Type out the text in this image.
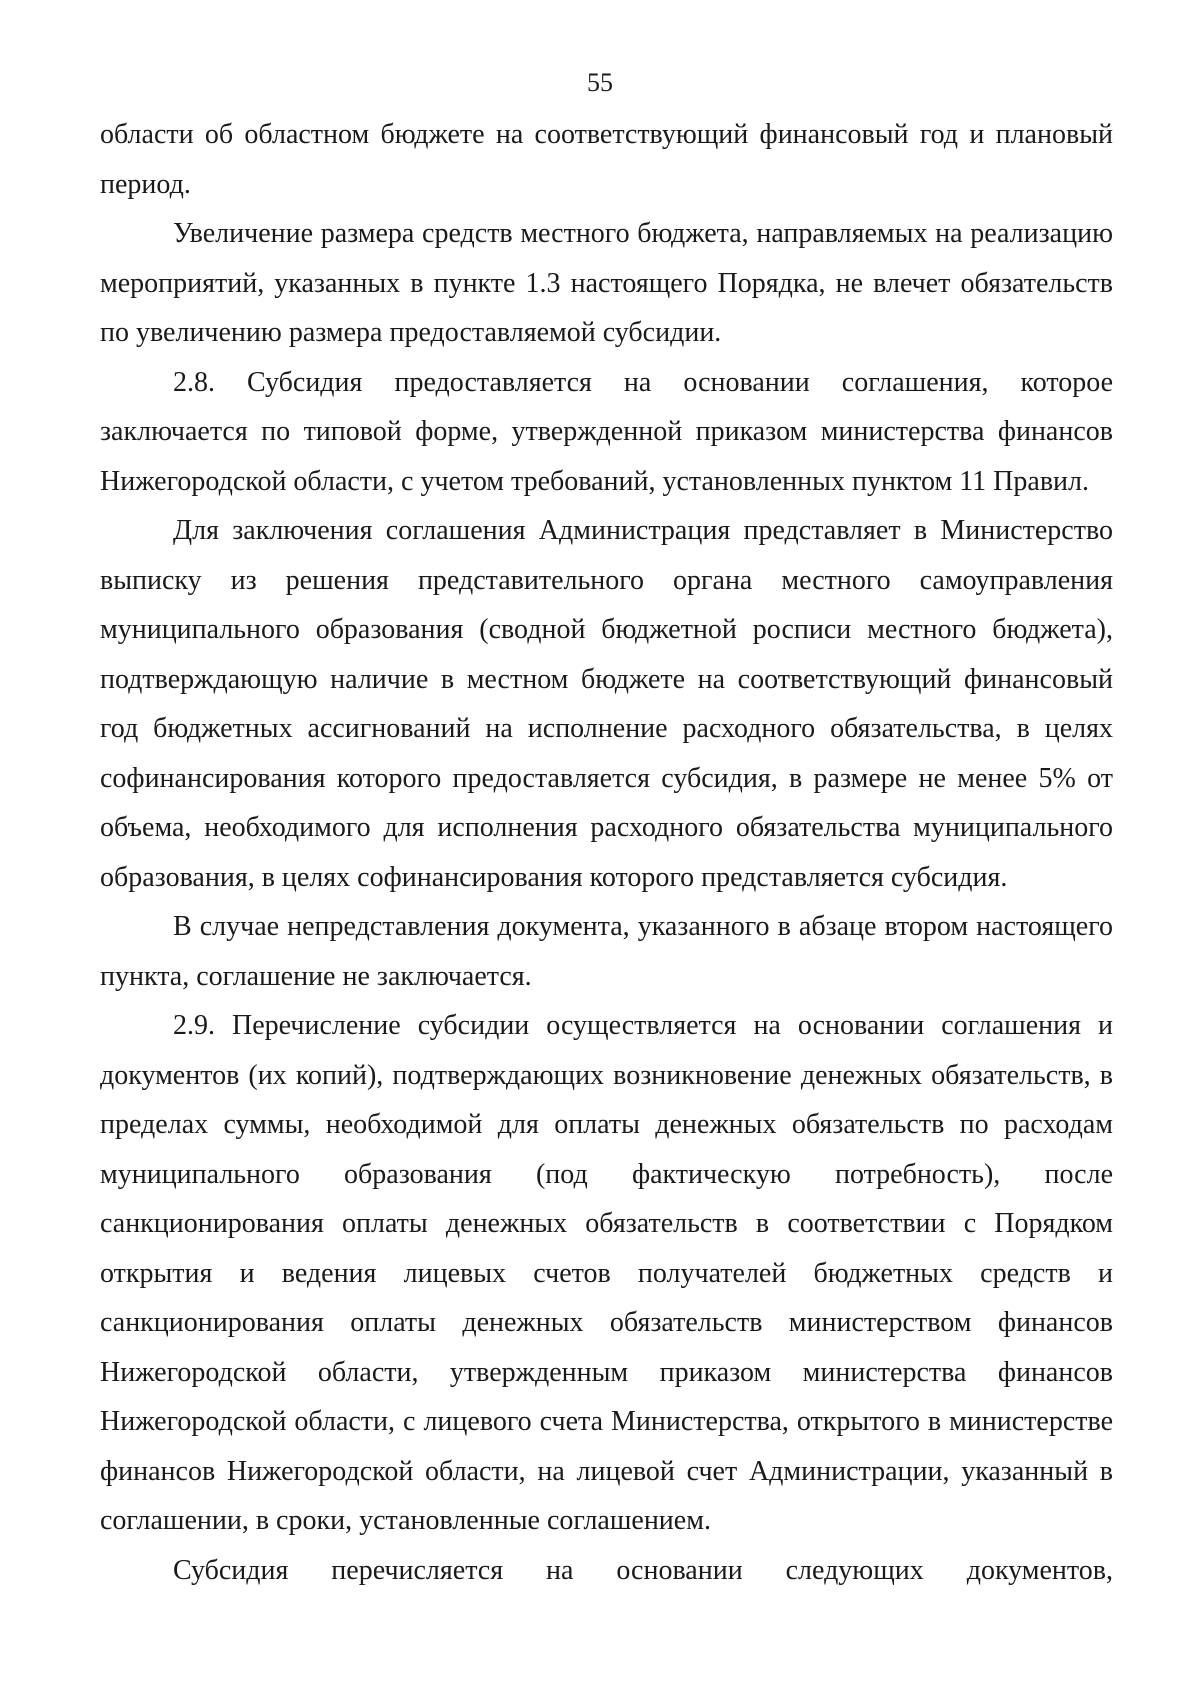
55

области об областном бюджете на соответствующий финансовый год и плановый период.

Увеличение размера средств местного бюджета, направляемых на реализацию мероприятий, указанных в пункте 1.3 настоящего Порядка, не влечет обязательств по увеличению размера предоставляемой субсидии.

2.8. Субсидия предоставляется на основании соглашения, которое заключается по типовой форме, утвержденной приказом министерства финансов Нижегородской области, с учетом требований, установленных пунктом 11 Правил.

Для заключения соглашения Администрация представляет в Министерство выписку из решения представительного органа местного самоуправления муниципального образования (сводной бюджетной росписи местного бюджета), подтверждающую наличие в местном бюджете на соответствующий финансовый год бюджетных ассигнований на исполнение расходного обязательства, в целях софинансирования которого предоставляется субсидия, в размере не менее 5% от объема, необходимого для исполнения расходного обязательства муниципального образования, в целях софинансирования которого представляется субсидия.

В случае непредставления документа, указанного в абзаце втором настоящего пункта, соглашение не заключается.

2.9. Перечисление субсидии осуществляется на основании соглашения и документов (их копий), подтверждающих возникновение денежных обязательств, в пределах суммы, необходимой для оплаты денежных обязательств по расходам муниципального образования (под фактическую потребность), после санкционирования оплаты денежных обязательств в соответствии с Порядком открытия и ведения лицевых счетов получателей бюджетных средств и санкционирования оплаты денежных обязательств министерством финансов Нижегородской области, утвержденным приказом министерства финансов Нижегородской области, с лицевого счета Министерства, открытого в министерстве финансов Нижегородской области, на лицевой счет Администрации, указанный в соглашении, в сроки, установленные соглашением.

Субсидия перечисляется на основании следующих документов,
